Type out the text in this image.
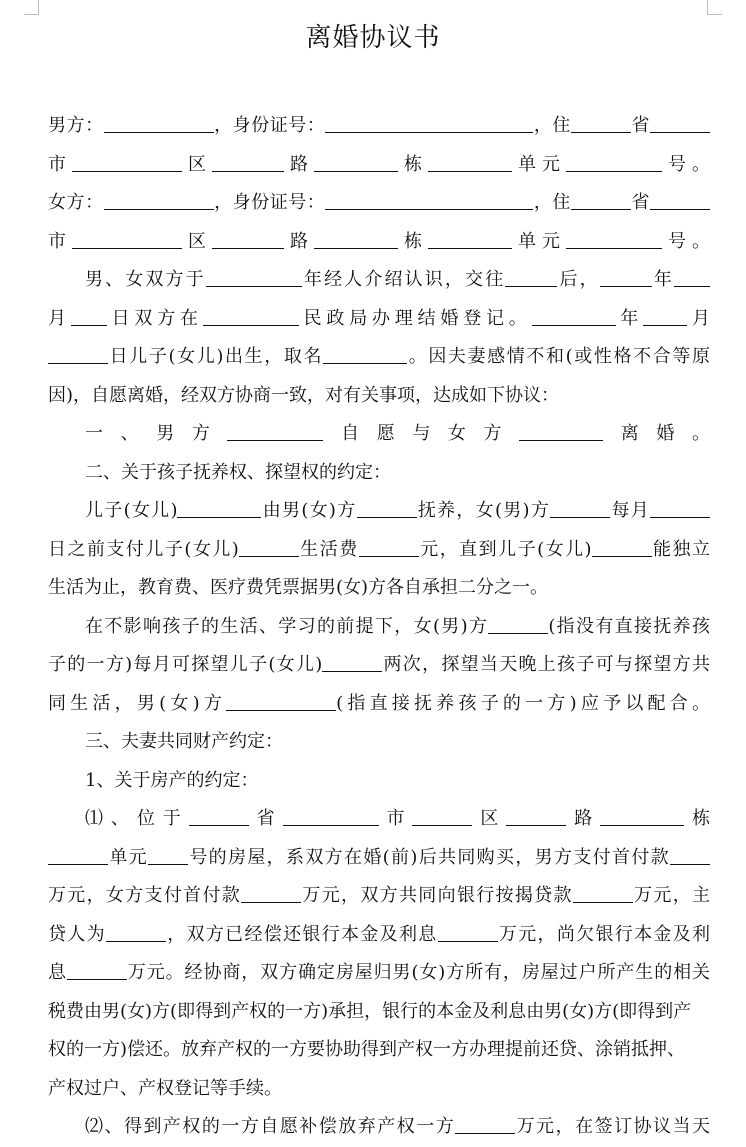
离婚协议书
男方：	，身份证号：	，住	省
市	区	路	栋	单元	号。
女方：	，身份证号：	，住	省
市	区	路	栋	单元	号。
男、女双方于	年经人介绍认识，交往	后，	年
月 日双方在	民政局办理结婚登记。	年 月
日儿子(女儿)出生，取名	。因夫妻感情不和(或性格不合等原
因)，自愿离婚，经双方协商一致，对有关事项，达成如下协议：
一、男方	自愿与女方	离婚。
二、关于孩子抚养权、探望权的约定：
儿子(女儿)	由男(女)方	抚养，女(男)方	每月
日之前支付儿子(女儿)	生活费	元，直到儿子(女儿)	能独立
生活为止，教育费、医疗费凭票据男(女)方各自承担二分之一。
在不影响孩子的生活、学习的前提下，女(男)方	(指没有直接抚养孩
子的一方)每月可探望儿子(女儿)	两次，探望当天晚上孩子可与探望方共
同生活，男(女)方	(指直接抚养孩子的一方)应予以配合。
三、夫妻共同财产约定：
1、关于房产的约定：
⑴、位于	省	市	区	路	栋
单元 号的房屋，系双方在婚(前)后共同购买，男方支付首付款
万元，女方支付首付款	万元，双方共同向银行按揭贷款	万元，主
贷人为	，双方已经偿还银行本金及利息	万元，尚欠银行本金及利
息	万元。经协商，双方确定房屋归男(女)方所有，房屋过户所产生的相关
税费由男(女)方(即得到产权的一方)承担，银行的本金及利息由男(女)方(即得到产
权的一方)偿还。放弃产权的一方要协助得到产权一方办理提前还贷、涂销抵押、
产权过户、产权登记等手续。
⑵、得到产权的一方自愿补偿放弃产权一方	万元，在签订协议当天
